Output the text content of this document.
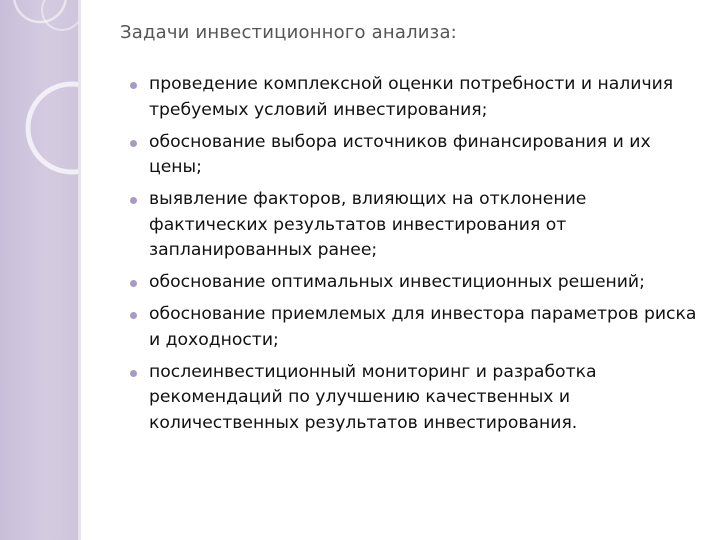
Задачи инвестиционного анализа:
проведение комплексной оценки потребности и наличия требуемых условий инвестирования;
обоснование выбора источников финансирования и их цены;
выявление факторов, влияющих на отклонение фактических результатов инвестирования от запланированных ранее;
обоснование оптимальных инвестиционных решений;
обоснование приемлемых для инвестора параметров риска и доходности;
послеинвестиционный мониторинг и разработка рекомендаций по улучшению качественных и количественных результатов инвестирования.
